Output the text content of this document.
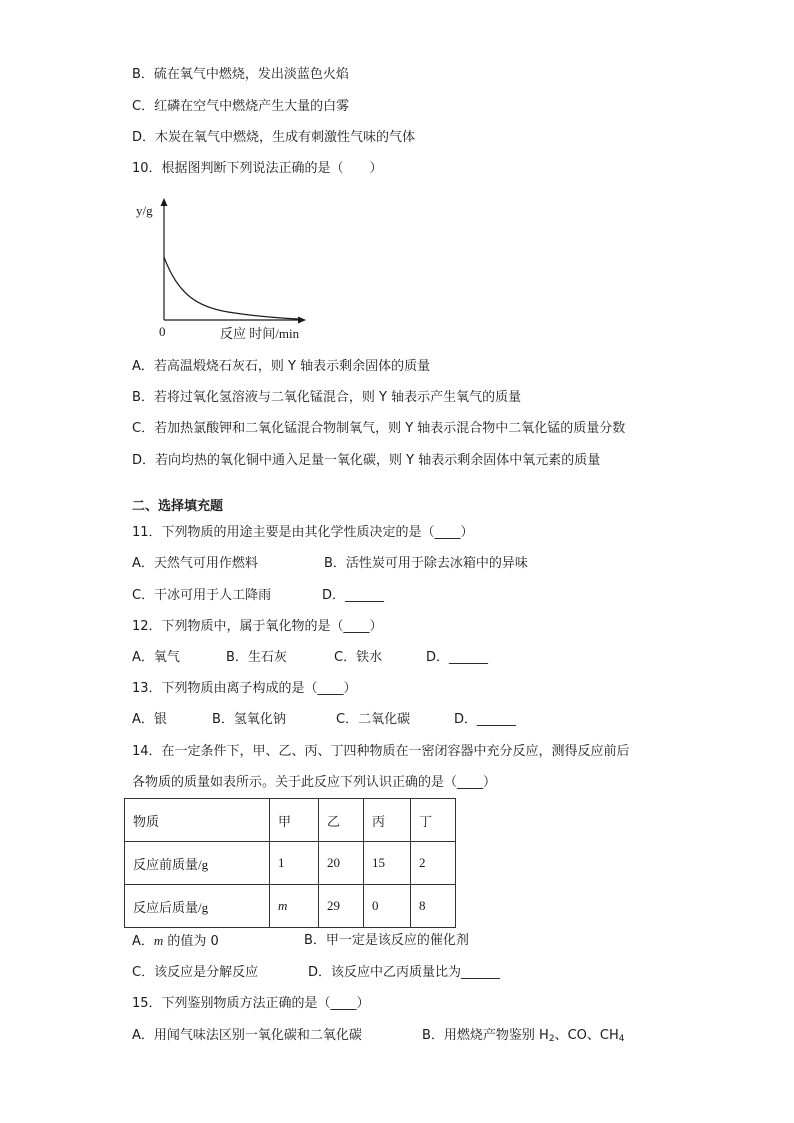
B．硫在氧气中燃烧，发出淡蓝色火焰
C．红磷在空气中燃烧产生大量的白雾
D．木炭在氧气中燃烧，生成有刺激性气味的气体
10．根据图判断下列说法正确的是（　　）
y/g
0	反应 时间/min
A．若高温煅烧石灰石，则 Y 轴表示剩余固体的质量
B．若将过氧化氢溶液与二氧化锰混合，则 Y 轴表示产生氧气的质量
C．若加热氯酸钾和二氧化锰混合物制氧气，则 Y 轴表示混合物中二氧化锰的质量分数
D．若向均热的氧化铜中通入足量一氧化碳，则 Y 轴表示剩余固体中氧元素的质量
二、选择填充题
11．下列物质的用途主要是由其化学性质决定的是（____）
A．天然气可用作燃料	B．活性炭可用于除去冰箱中的异味
C．干冰可用于人工降雨	D．______
12．下列物质中，属于氧化物的是（____）
A．氧气	B．生石灰	C．铁水	D．______
13．下列物质由离子构成的是（____）
A．银	B．氢氧化钠	C．二氧化碳	D．______
14．在一定条件下，甲、乙、丙、丁四种物质在一密闭容器中充分反应，测得反应前后
各物质的质量如表所示。关于此反应下列认识正确的是（____）
物质	甲	乙	丙	丁
反应前质量/g	1	20	15	2
反应后质量/g	m	29	0	8
A．m 的值为 0	B．甲一定是该反应的催化剂
C．该反应是分解反应	D．该反应中乙丙质量比为______
15．下列鉴别物质方法正确的是（____）
A．用闻气味法区别一氧化碳和二氧化碳	B．用燃烧产物鉴别 $H_2$、CO、$CH_4$
